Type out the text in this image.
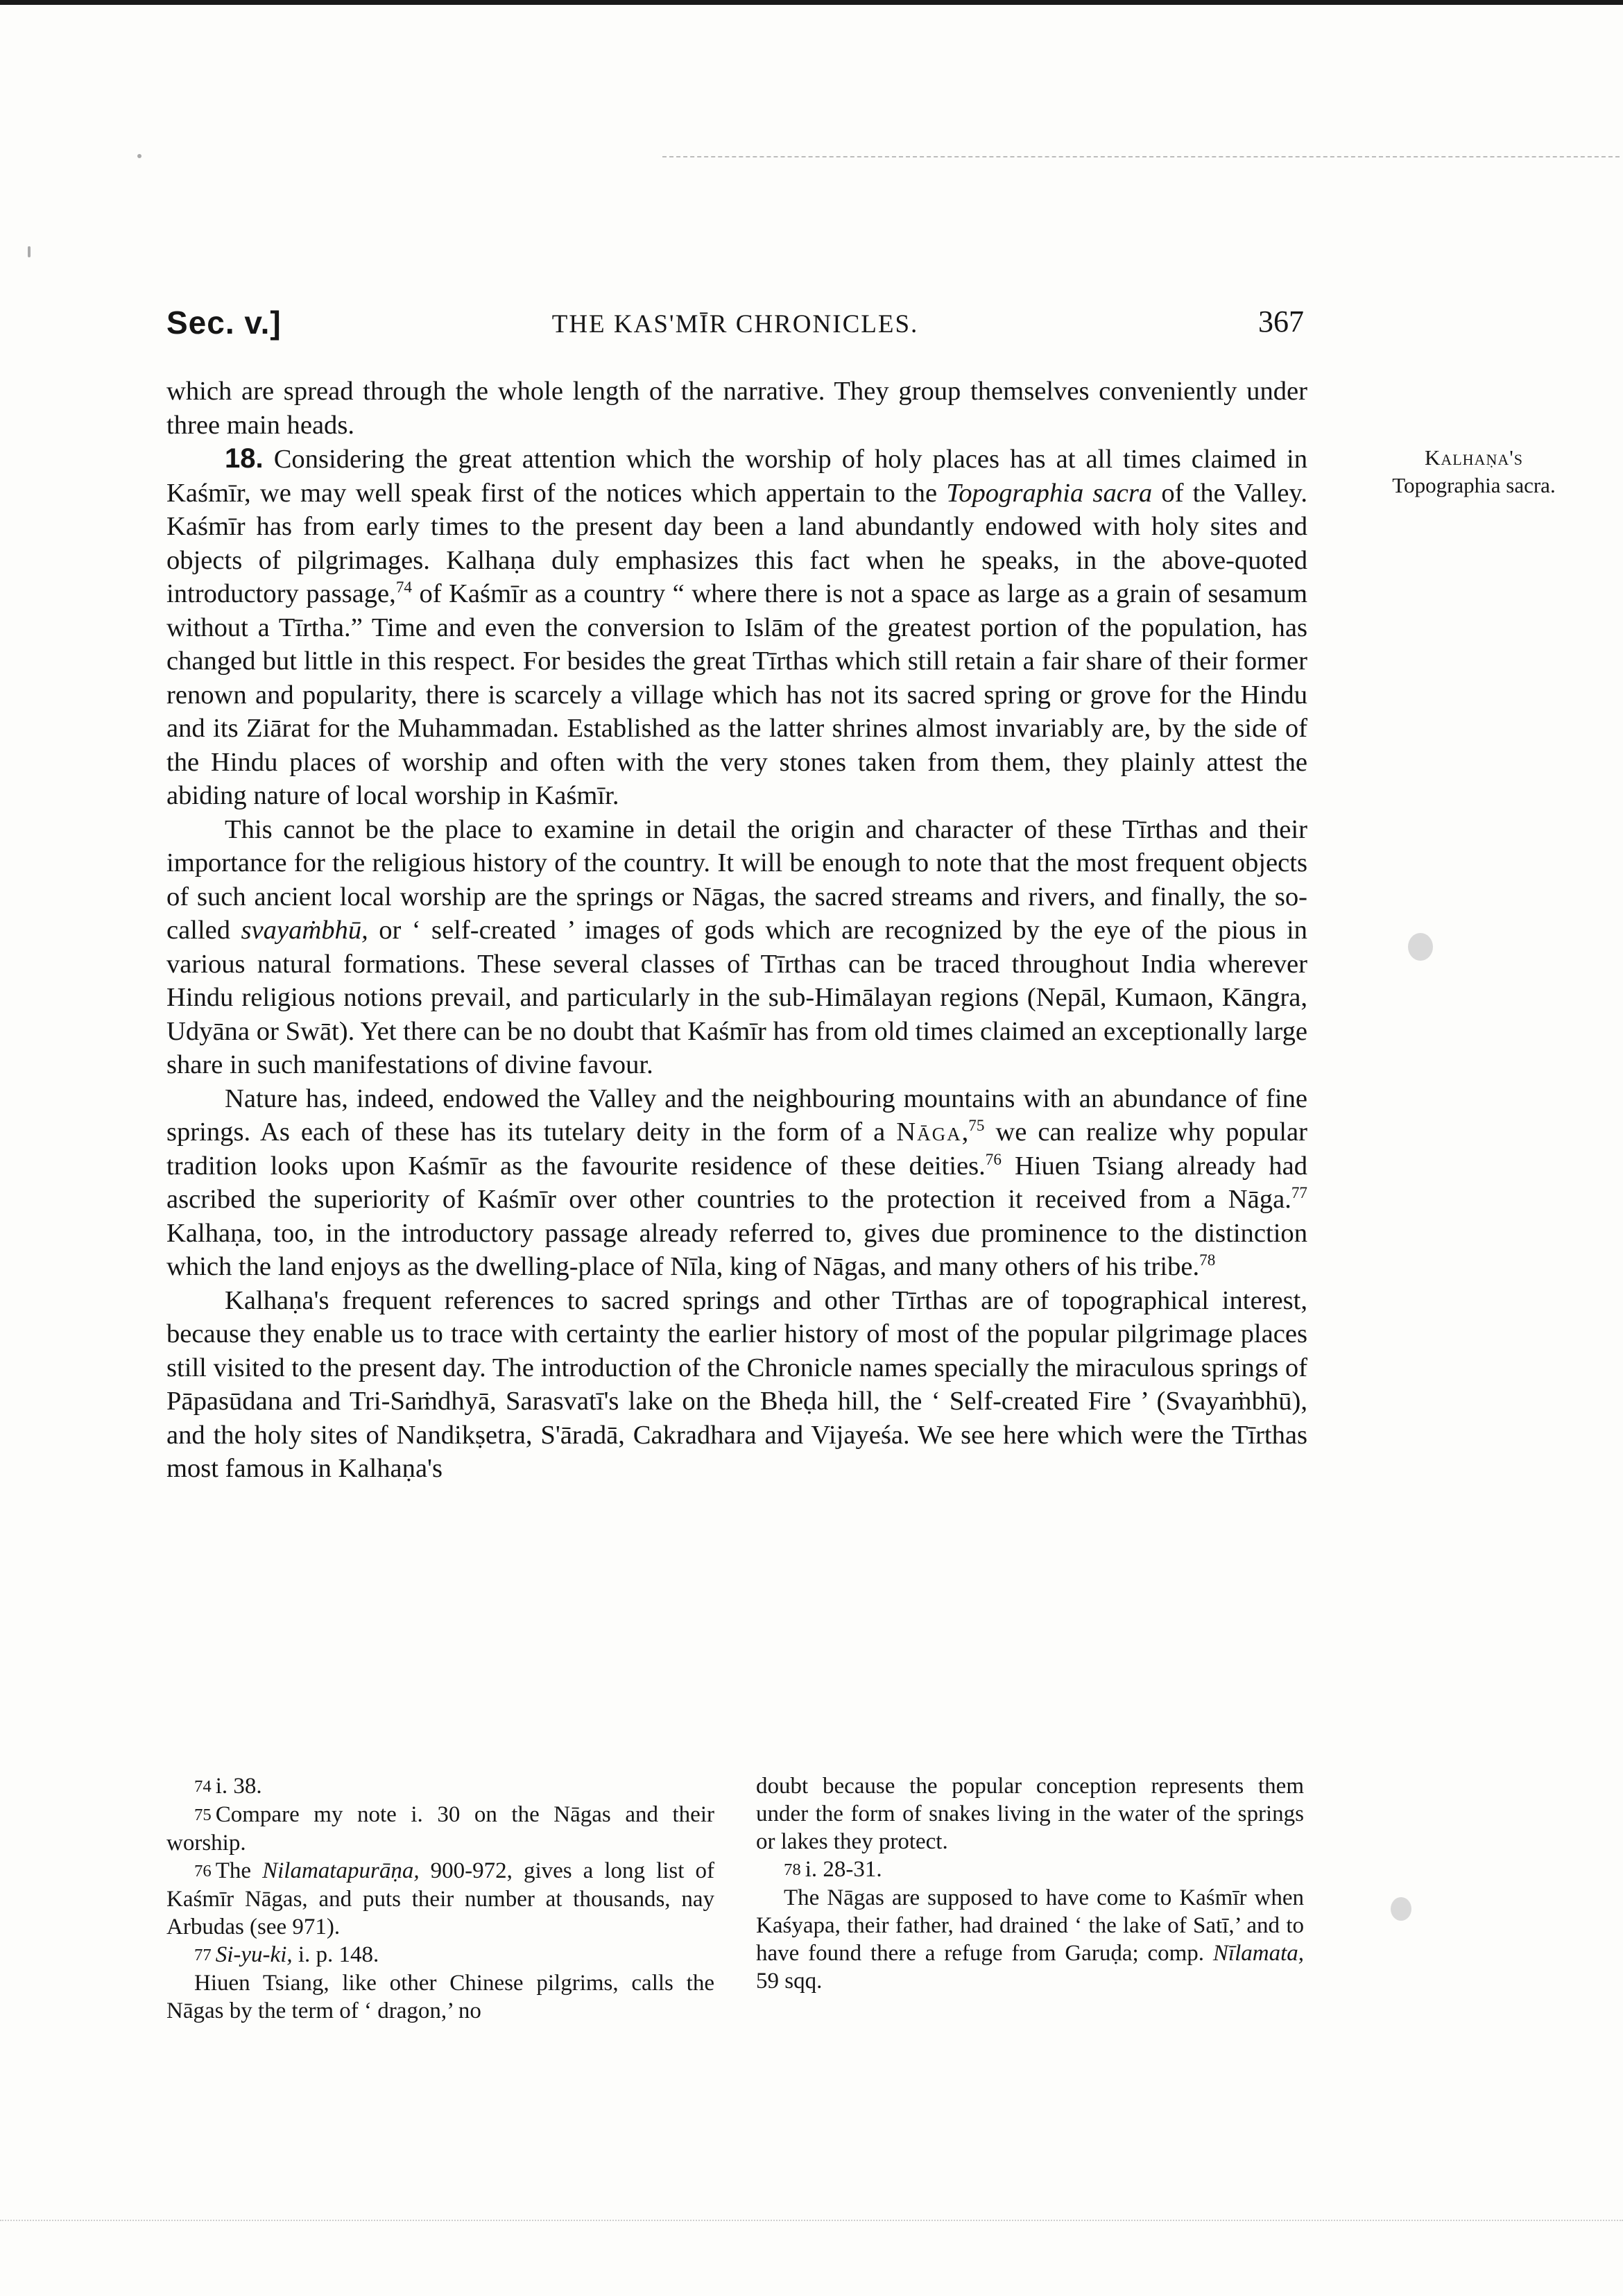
Sec. v.]	THE KAS'MĪR CHRONICLES.	367
Kalhaṇa's
Topographia sacra.

which are spread through the whole length of the narrative. They group themselves conveniently under three main heads.

18. Considering the great attention which the worship of holy places has at all times claimed in Kaśmīr, we may well speak first of the notices which appertain to the Topographia sacra of the Valley. Kaśmīr has from early times to the present day been a land abundantly endowed with holy sites and objects of pilgrimages. Kalhaṇa duly emphasizes this fact when he speaks, in the above-quoted introductory passage,$^{74}$ of Kaśmīr as a country “ where there is not a space as large as a grain of sesamum without a Tīrtha.” Time and even the conversion to Islām of the greatest portion of the population, has changed but little in this respect. For besides the great Tīrthas which still retain a fair share of their former renown and popularity, there is scarcely a village which has not its sacred spring or grove for the Hindu and its Ziārat for the Muhammadan. Established as the latter shrines almost invariably are, by the side of the Hindu places of worship and often with the very stones taken from them, they plainly attest the abiding nature of local worship in Kaśmīr.

This cannot be the place to examine in detail the origin and character of these Tīrthas and their importance for the religious history of the country. It will be enough to note that the most frequent objects of such ancient local worship are the springs or Nāgas, the sacred streams and rivers, and finally, the so-called svayaṁbhū, or ‘ self-created ’ images of gods which are recognized by the eye of the pious in various natural formations. These several classes of Tīrthas can be traced throughout India wherever Hindu religious notions prevail, and particularly in the sub-Himālayan regions (Nepāl, Kumaon, Kāngra, Udyāna or Swāt). Yet there can be no doubt that Kaśmīr has from old times claimed an exceptionally large share in such manifestations of divine favour.

Nature has, indeed, endowed the Valley and the neighbouring mountains with an abundance of fine springs. As each of these has its tutelary deity in the form of a Nāga,$^{75}$ we can realize why popular tradition looks upon Kaśmīr as the favourite residence of these deities.$^{76}$ Hiuen Tsiang already had ascribed the superiority of Kaśmīr over other countries to the protection it received from a Nāga.$^{77}$ Kalhaṇa, too, in the introductory passage already referred to, gives due prominence to the distinction which the land enjoys as the dwelling-place of Nīla, king of Nāgas, and many others of his tribe.$^{78}$

Kalhaṇa's frequent references to sacred springs and other Tīrthas are of topographical interest, because they enable us to trace with certainty the earlier history of most of the popular pilgrimage places still visited to the present day. The introduction of the Chronicle names specially the miraculous springs of Pāpasūdana and Tri-Saṁdhyā, Sarasvatī's lake on the Bheḍa hill, the ‘ Self-created Fire ’ (Svayaṁbhū), and the holy sites of Nandikṣetra, S'āradā, Cakradhara and Vijayeśa. We see here which were the Tīrthas most famous in Kalhaṇa's

74 i. 38.

75 Compare my note i. 30 on the Nāgas and their worship.

76 The Nilamatapurāṇa, 900-972, gives a long list of Kaśmīr Nāgas, and puts their number at thousands, nay Arbudas (see 971).

77 Si-yu-ki, i. p. 148.

Hiuen Tsiang, like other Chinese pilgrims, calls the Nāgas by the term of ‘ dragon,’ no

doubt because the popular conception represents them under the form of snakes living in the water of the springs or lakes they protect.

78 i. 28-31.

The Nāgas are supposed to have come to Kaśmīr when Kaśyapa, their father, had drained ‘ the lake of Satī,’ and to have found there a refuge from Garuḍa; comp. Nīlamata, 59 sqq.
